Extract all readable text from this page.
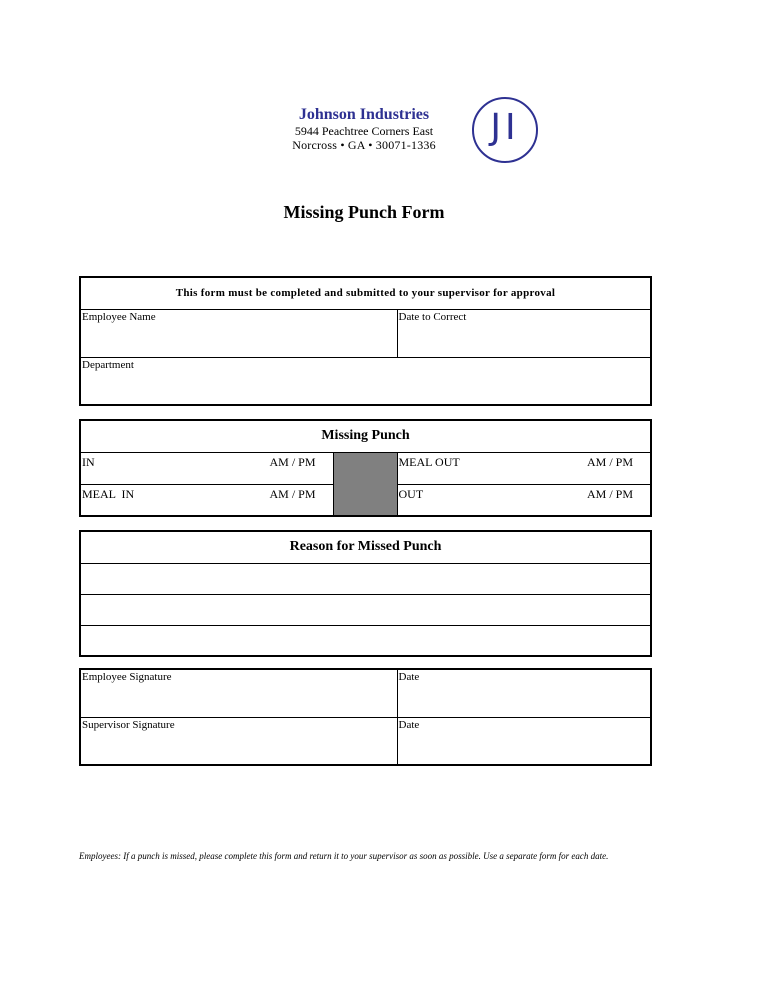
Johnson Industries
5944 Peachtree Corners East
Norcross • GA • 30071-1336	JI
Missing Punch Form
This form must be completed and submitted to your supervisor for approval
Employee Name	Date to Correct
Department
Missing Punch		
IN AM / PM		MEAL OUT AM / PM

MEAL  IN AM / PM		OUT AM / PM
Reason for Missed Punch

Employee Signature	Date
Supervisor Signature	Date
Employees: If a punch is missed, please complete this form and return it to your supervisor as soon as possible. Use a separate form for each date.
